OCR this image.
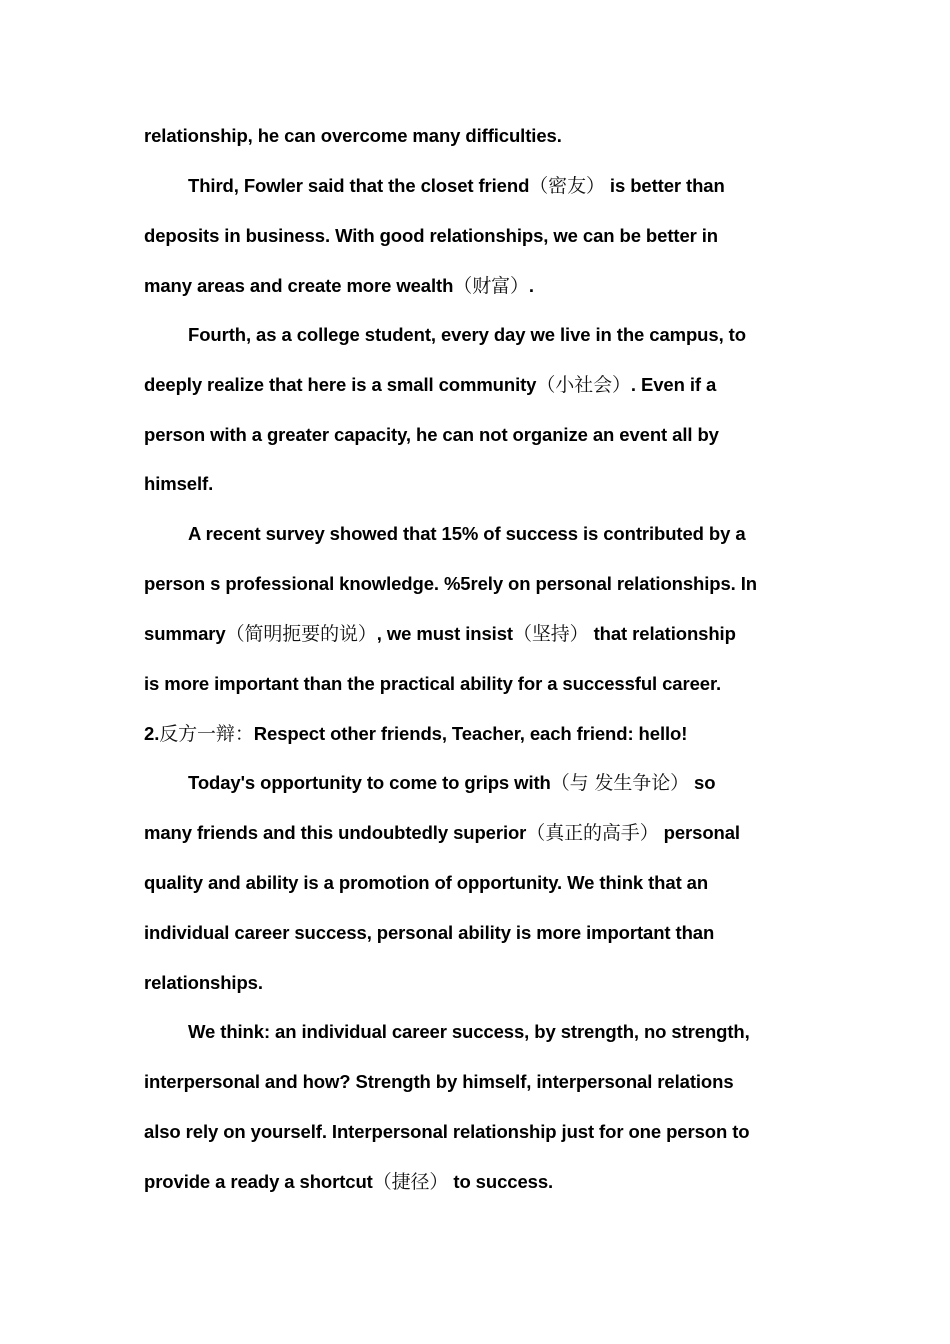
relationship, he can overcome many difficulties.
Third, Fowler said that the closet friend（密友） is better than
deposits in business. With good relationships, we can be better in
many areas and create more wealth（财富）.
Fourth, as a college student, every day we live in the campus, to
deeply realize that here is a small community（小社会）. Even if a
person with a greater capacity, he can not organize an event all by
himself.
A recent survey showed that 15% of success is contributed by a
person s professional knowledge. %5rely on personal relationships. In
summary（简明扼要的说）, we must insist（坚持） that relationship
is more important than the practical ability for a successful career.
2.反方一辩：Respect other friends, Teacher, each friend: hello!
Today's opportunity to come to grips with（与 发生争论） so
many friends and this undoubtedly superior（真正的高手） personal
quality and ability is a promotion of opportunity. We think that an
individual career success, personal ability is more important than
relationships.
We think: an individual career success, by strength, no strength,
interpersonal and how? Strength by himself, interpersonal relations
also rely on yourself. Interpersonal relationship just for one person to
provide a ready a shortcut（捷径） to success.
